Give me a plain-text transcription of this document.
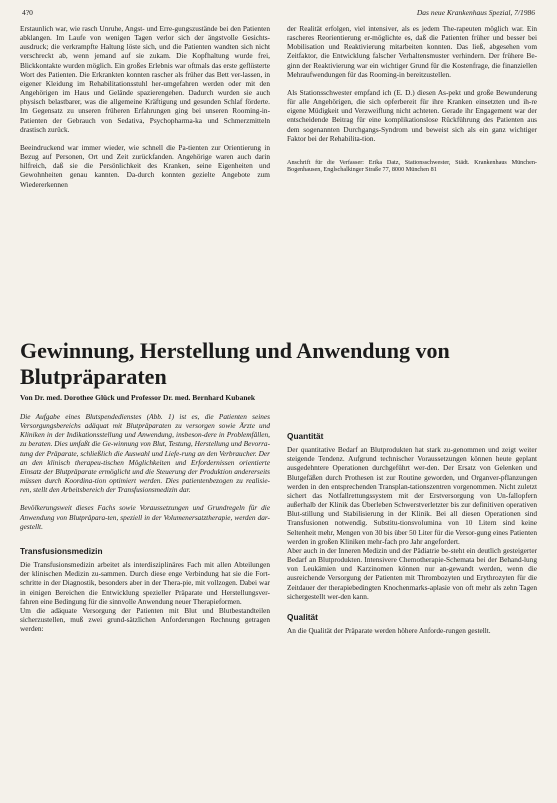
4?0	Das neue Krankenhaus Spezial, 7/1986

Erstaunlich war, wie rasch Unruhe, Angst- und Erre-gungszustände bei den Patienten abklangen. Im Laufe von wenigen Tagen verlor sich der ängstvolle Gesichts-ausdruck; die verkrampfte Haltung löste sich, und die Patienten wandten sich nicht verschreckt ab, wenn jemand auf sie zukam. Die Kopfhaltung wurde frei, Blickkontakte wurden möglich. Ein großes Erlebnis war oftmals das erste geflüsterte Wort des Patienten. Die Erkrankten konnten rascher als früher das Bett ver-lassen, in eigener Kleidung im Rehabilitationsstuhl her-umgefahren werden oder mit den Angehörigen im Haus und Gelände spazierengehen. Dadurch wurden sie auch physisch belastbarer, was die allgemeine Kräftigung und gesunden Schlaf förderte. Im Gegensatz zu unseren früheren Erfahrungen ging bei unseren Rooming-in-Patienten der Gebrauch von Sedativa, Psychopharma-ka und Schmerzmitteln drastisch zurück.

Beeindruckend war immer wieder, wie schnell die Pa-tienten zur Orientierung in Bezug auf Personen, Ort und Zeit zurückfanden. Angehörige waren auch darin hilfreich, daß sie die Persönlichkeit des Kranken, seine Eigenheiten und Gewohnheiten genau kannten. Da-durch konnten gezielte Angebote zum Wiedererkennen

der Realität erfolgen, viel intensiver, als es jedem The-rapeuten möglich war. Ein rascheres Reorientierung er-möglichte es, daß die Patienten früher und besser bei Mobilisation und Reaktivierung mitarbeiten konnten. Das ließ, abgesehen vom Zeitfaktor, die Entwicklung falscher Verhaltensmuster verhindern. Der frühere Be-ginn der Reaktivierung war ein wichtiger Grund für die Kostenfrage, die finanziellen Mehraufwendungen für das Rooming-in bereitzustellen.

Als Stationsschwester empfand ich (E. D.) diesen As-pekt und große Bewunderung für alle Angehörigen, die sich opferbereit für ihre Kranken einsetzten und ih-re eigene Müdigkeit und Verzweiflung nicht achteten. Gerade ihr Engagement war der entscheidende Beitrag für eine komplikationslose Rückführung des Patienten aus dem sogenannten Durchgangs-Syndrom und beweist sich als ein ganz wichtiger Faktor bei der Rehabilita-tion.

Anschrift für die Verfasser: Erika Datz, Stationsschwester, Städt. Krankenhaus München-Bogenhausen, Englschalkinger Straße 77, 8000 München 81

Gewinnung, Herstellung und Anwendung von Blutpräparaten
Von Dr. med. Dorothee Glück und Professor Dr. med. Bernhard Kubanek

Die Aufgabe eines Blutspendedienstes (Abb. 1) ist es, die Patienten seines Versorgungsbereichs adäquat mit Blutpräparaten zu versorgen sowie Ärzte und Kliniken in der Indikationsstellung und Anwendung, insbeson-dere in Problemfällen, zu beraten. Dies umfaßt die Ge-winnung von Blut, Testung, Herstellung und Bevorra-tung der Präparate, schließlich die Auswahl und Liefe-rung an den Verbraucher. Der an den klinisch therapeu-tischen Möglichkeiten und Erfordernissen orientierte Einsatz der Blutpräparate ermöglicht und die Steuerung der Produktion andererseits müssen durch Koordina-tion optimiert werden. Dies patientenbezogen zu realisie-ren, stellt den Arbeitsbereich der Transfusionsmedizin dar.

Bevölkerungsweit dieses Fachs sowie Voraussetzungen und Grundregeln für die Anwendung von Blutpräpara-ten, speziell in der Volumenersatztherapie, werden dar-gestellt.

Transfusionsmedizin

Die Transfusionsmedizin arbeitet als interdisziplinäres Fach mit allen Abteilungen der klinischen Medizin zu-sammen. Durch diese enge Verbindung hat sie die Fort-schritte in der Diagnostik, besonders aber in der Thera-pie, mit vollzogen. Dabei war in einigen Bereichen die Entwicklung spezieller Präparate und Herstellungsver-fahren eine Bedingung für die sinnvolle Anwendung neuer Therapieformen.

Um die adäquate Versorgung der Patienten mit Blut und Blutbestandteilen sicherzustellen, muß zwei grund-sätzlichen Anforderungen Rechnung getragen werden:

Quantität

Der quantitative Bedarf an Blutprodukten hat stark zu-genommen und zeigt weiter steigende Tendenz. Aufgrund technischer Voraussetzungen können heute geplant ausgedehntere Operationen durchgeführt wer-den. Der Ersatz von Gelenken und Blutgefäßen durch Prothesen ist zur Routine geworden, und Organver-pflanzungen werden in den entsprechenden Transplan-tationszentren vorgenommen. Nicht zuletzt sichert das Notfallrettungssystem mit der Erstversorgung von Un-fallopfern außerhalb der Klinik das Überleben Schwerstverletzter bis zur definitiven operativen Blut-stillung und Stabilisierung in der Klinik. Bei all diesen Operationen sind Transfusionen notwendig. Substitu-tionsvolumina von 10 Litern sind keine Seltenheit mehr, Mengen von 30 bis über 50 Liter für die Versor-gung eines Patienten werden in großen Kliniken mehr-fach pro Jahr angefordert.

Aber auch in der Inneren Medizin und der Pädiatrie be-steht ein deutlich gesteigerter Bedarf an Blutprodukten. Intensivere Chemotherapie-Schemata bei der Behand-lung von Leukämien und Karzinomen können nur an-gewandt werden, wenn die ausreichende Versorgung der Patienten mit Thrombozyten und Erythrozyten für die Zeitdauer der therapiebedingten Knochenmarks-aplasie von oft mehr als zehn Tagen sichergestellt wer-den kann.

Qualität

An die Qualität der Präparate werden höhere Anforde-rungen gestellt.
